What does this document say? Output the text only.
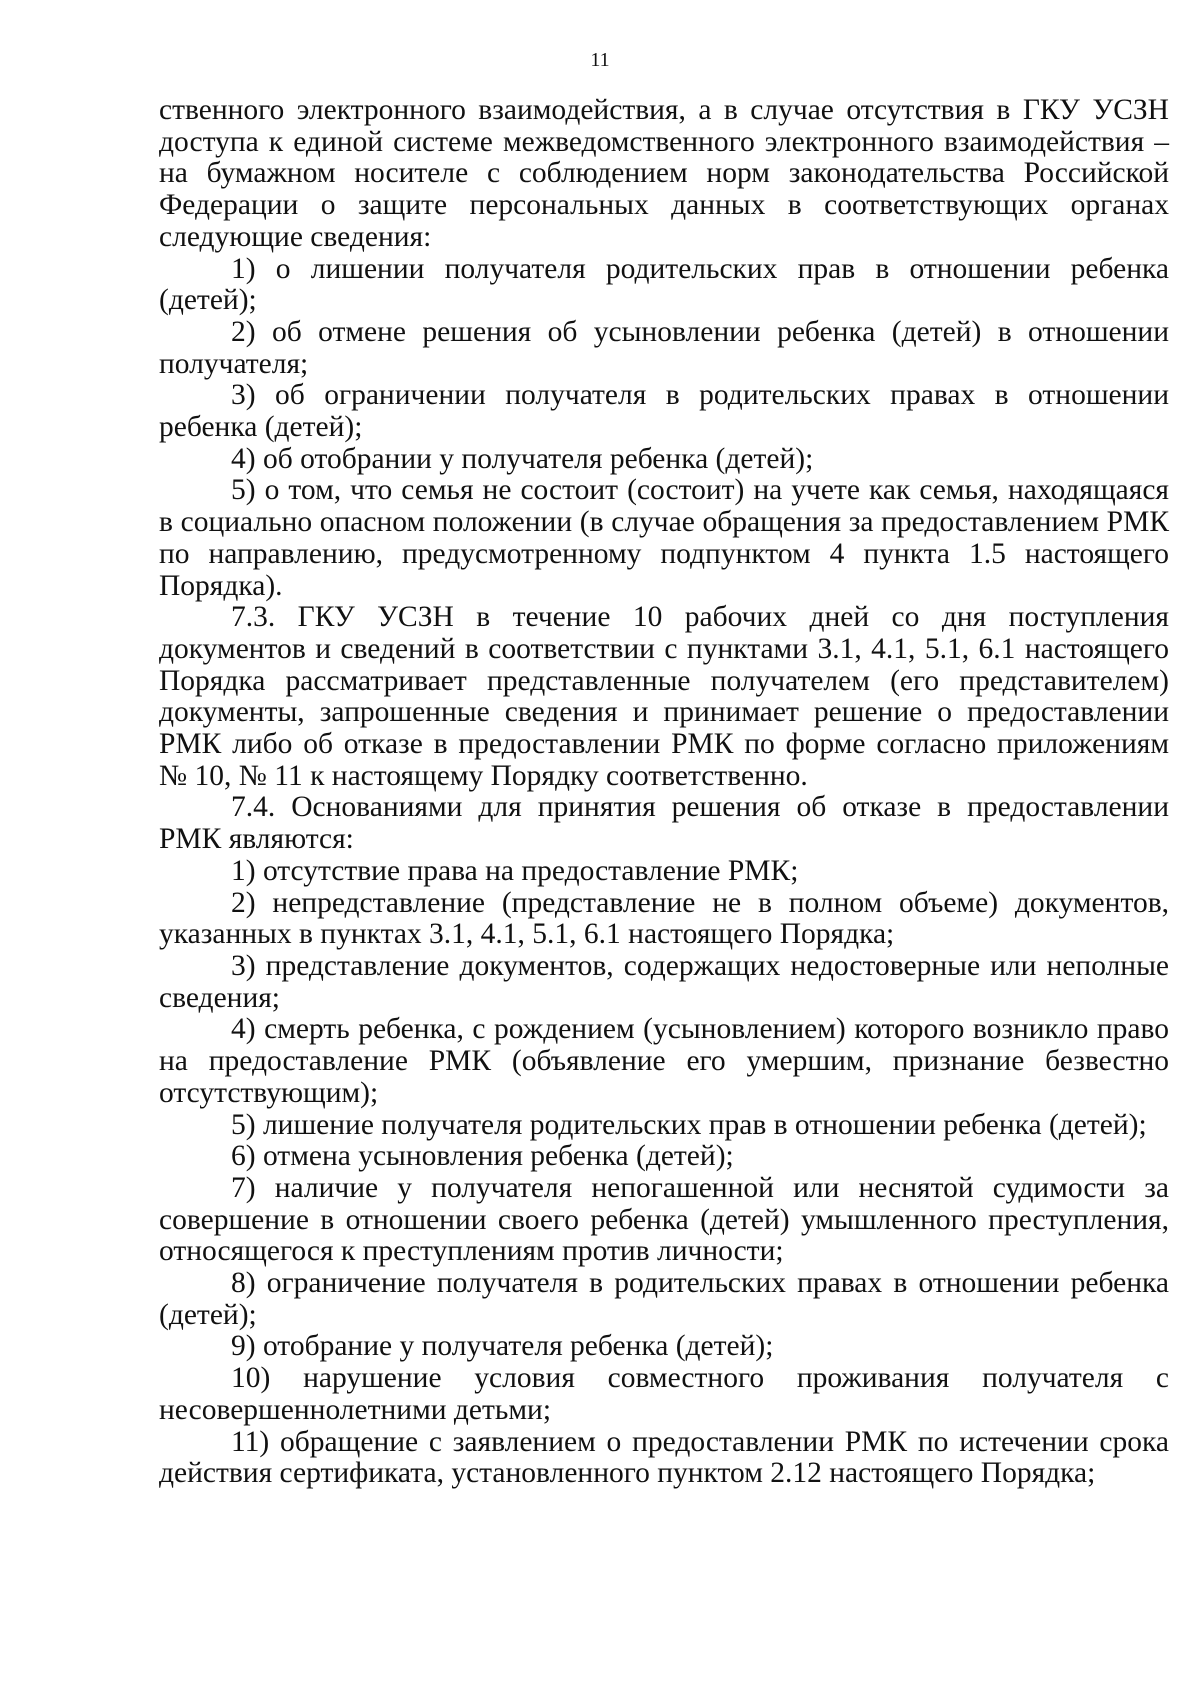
11

ственного электронного взаимодействия, а в случае отсутствия в ГКУ УСЗН доступа к единой системе межведомственного электронного взаимодействия – на бумажном носителе с соблюдением норм законодательства Российской Федерации о защите персональных данных в соответствующих органах следующие сведения:

1) о лишении получателя родительских прав в отношении ребенка (детей);

2) об отмене решения об усыновлении ребенка (детей) в отношении получателя;

3) об ограничении получателя в родительских правах в отношении ребенка (детей);

4) об отобрании у получателя ребенка (детей);

5) о том, что семья не состоит (состоит) на учете как семья, находящаяся в социально опасном положении (в случае обращения за предоставлением РМК по направлению, предусмотренному подпунктом 4 пункта 1.5 настоящего Порядка).

7.3. ГКУ УСЗН в течение 10 рабочих дней со дня поступления документов и сведений в соответствии с пунктами 3.1, 4.1, 5.1, 6.1 настоящего Порядка рассматривает представленные получателем (его представителем) документы, запрошенные сведения и принимает решение о предоставлении РМК либо об отказе в предоставлении РМК по форме согласно приложениям № 10, № 11 к настоящему Порядку соответственно.

7.4. Основаниями для принятия решения об отказе в предоставлении РМК являются:

1) отсутствие права на предоставление РМК;

2) непредставление (представление не в полном объеме) документов, указанных в пунктах 3.1, 4.1, 5.1, 6.1 настоящего Порядка;

3) представление документов, содержащих недостоверные или неполные сведения;

4) смерть ребенка, с рождением (усыновлением) которого возникло право на предоставление РМК (объявление его умершим, признание безвестно отсутствующим);

5) лишение получателя родительских прав в отношении ребенка (детей);

6) отмена усыновления ребенка (детей);

7) наличие у получателя непогашенной или неснятой судимости за совершение в отношении своего ребенка (детей) умышленного преступления, относящегося к преступлениям против личности;

8) ограничение получателя в родительских правах в отношении ребенка (детей);

9) отобрание у получателя ребенка (детей);

10) нарушение условия совместного проживания получателя с несовершеннолетними детьми;

11) обращение с заявлением о предоставлении РМК по истечении срока действия сертификата, установленного пунктом 2.12 настоящего Порядка;
